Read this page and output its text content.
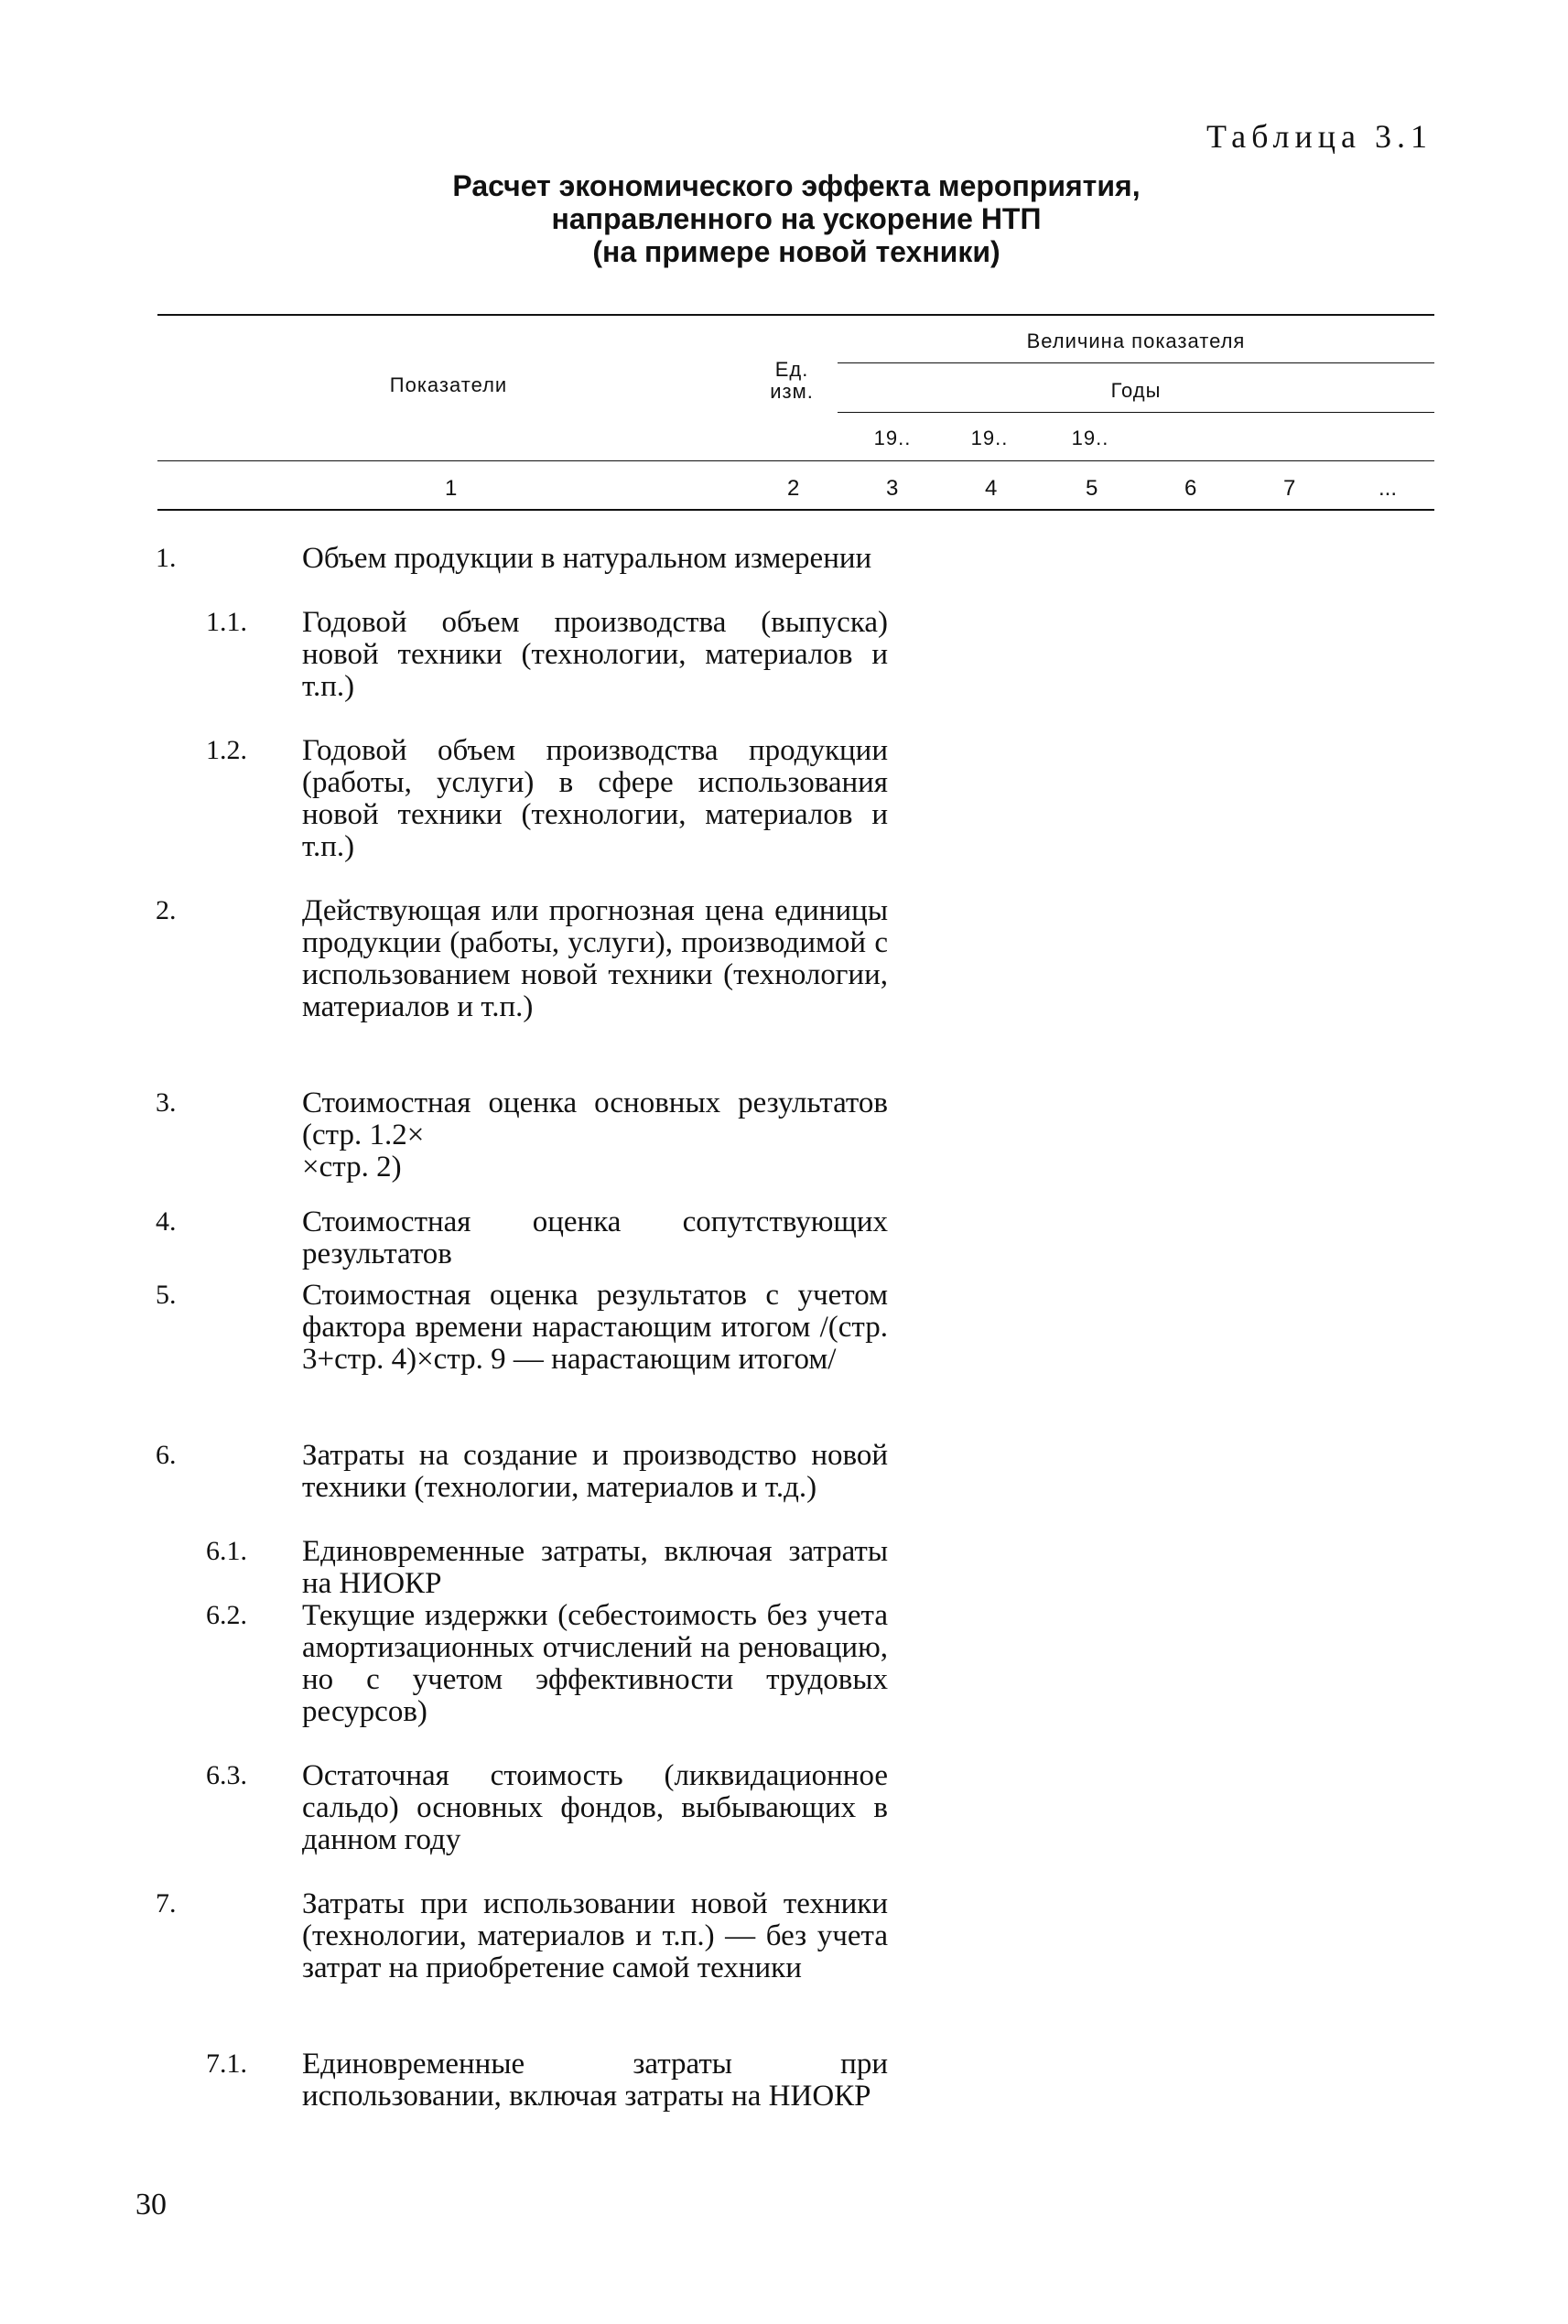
Таблица 3.1
Расчет экономического эффекта мероприятия,
направленного на ускорение НТП
(на примере новой техники)
Показатели
Ед.
изм.
Величина показателя
Годы
19..	19..	19..
1	2	3	4	5	6	7	...
1.	Объем продукции в натуральном измерении
1.1. Годовой объем производства (выпуска) новой техники (технологии, материалов и т.п.)
1.2. Годовой объем производства продукции (работы, услуги) в сфере использования новой техники (технологии, материалов и т.п.)
2.	Действующая или прогнозная цена единицы продукции (работы, услуги), производимой с использованием новой техники (технологии, материалов и т.п.)
3.	Стоимостная оценка основных результатов (стр. 1.2×
×стр. 2)
4.	Стоимостная оценка сопутствующих результатов
5.	Стоимостная оценка результатов с учетом фактора времени нарастающим итогом /(стр. 3+стр. 4)×стр. 9 — нарастающим итогом/
6.	Затраты на создание и производство новой техники (технологии, материалов и т.д.)
6.1. Единовременные затраты, включая затраты на НИОКР
6.2. Текущие издержки (себестоимость без учета амортизационных отчислений на реновацию, но с учетом эффективности трудовых ресурсов)
6.3. Остаточная стоимость (ликвидационное сальдо) основных фондов, выбывающих в данном году
7.	Затраты при использовании новой техники (технологии, материалов и т.п.) — без учета затрат на приобретение самой техники
7.1. Единовременные затраты при использовании, включая затраты на НИОКР
30
